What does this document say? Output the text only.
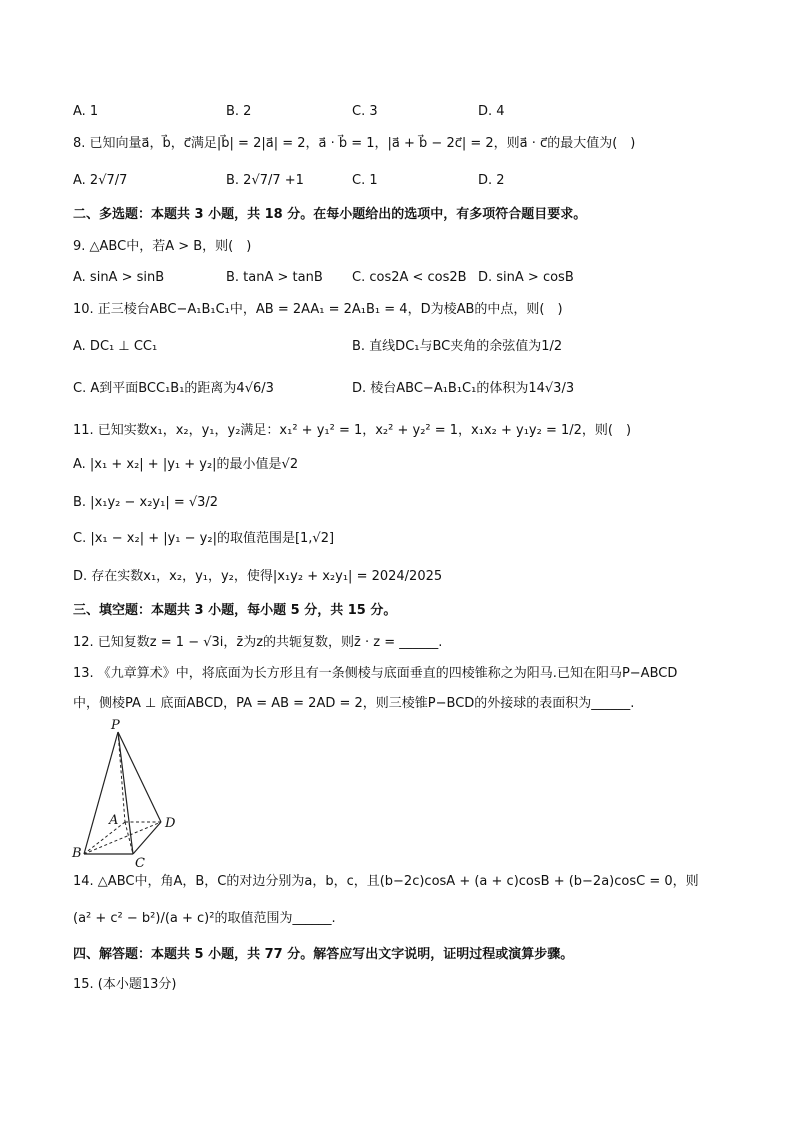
A. 1	B. 2	C. 3	D. 4
8. 已知向量a⃗，b⃗，c⃗满足|b⃗| = 2|a⃗| = 2，a⃗ · b⃗ = 1，|a⃗ + b⃗ − 2c⃗| = 2，则a⃗ · c⃗的最大值为(　)
A. 2√7/7	B. 2√7/7 +1	C. 1	D. 2
二、多选题：本题共 3 小题，共 18 分。在每小题给出的选项中，有多项符合题目要求。
9. △ABC中，若A > B，则(　)
A. sinA > sinB	B. tanA > tanB C. cos2A < cos2B D. sinA > cosB
10. 正三棱台ABC−A₁B₁C₁中，AB = 2AA₁ = 2A₁B₁ = 4，D为棱AB的中点，则(　)
A. DC₁ ⊥ CC₁	B. 直线DC₁与BC夹角的余弦值为1/2
C. A到平面BCC₁B₁的距离为4√6/3	D. 棱台ABC−A₁B₁C₁的体积为14√3/3
11. 已知实数x₁，x₂，y₁，y₂满足：x₁² + y₁² = 1，x₂² + y₂² = 1，x₁x₂ + y₁y₂ = 1/2，则(　)
A. |x₁ + x₂| + |y₁ + y₂|的最小值是√2
B. |x₁y₂ − x₂y₁| = √3/2
C. |x₁ − x₂| + |y₁ − y₂|的取值范围是[1,√2]
D. 存在实数x₁，x₂，y₁，y₂，使得|x₁y₂ + x₂y₁| = 2024/2025
三、填空题：本题共 3 小题，每小题 5 分，共 15 分。
12. 已知复数z = 1 − √3i，z̄为z的共轭复数，则z̄ · z = ______.
13. 《九章算术》中，将底面为长方形且有一条侧棱与底面垂直的四棱锥称之为阳马.已知在阳马P−ABCD
中，侧棱PA ⊥ 底面ABCD，PA = AB = 2AD = 2，则三棱锥P−BCD的外接球的表面积为______.
P
A
B
C
D
14. △ABC中，角A，B，C的对边分别为a，b，c，且(b−2c)cosA + (a + c)cosB + (b−2a)cosC = 0，则
(a² + c² − b²)/(a + c)²的取值范围为______.
四、解答题：本题共 5 小题，共 77 分。解答应写出文字说明，证明过程或演算步骤。
15. (本小题13分)
